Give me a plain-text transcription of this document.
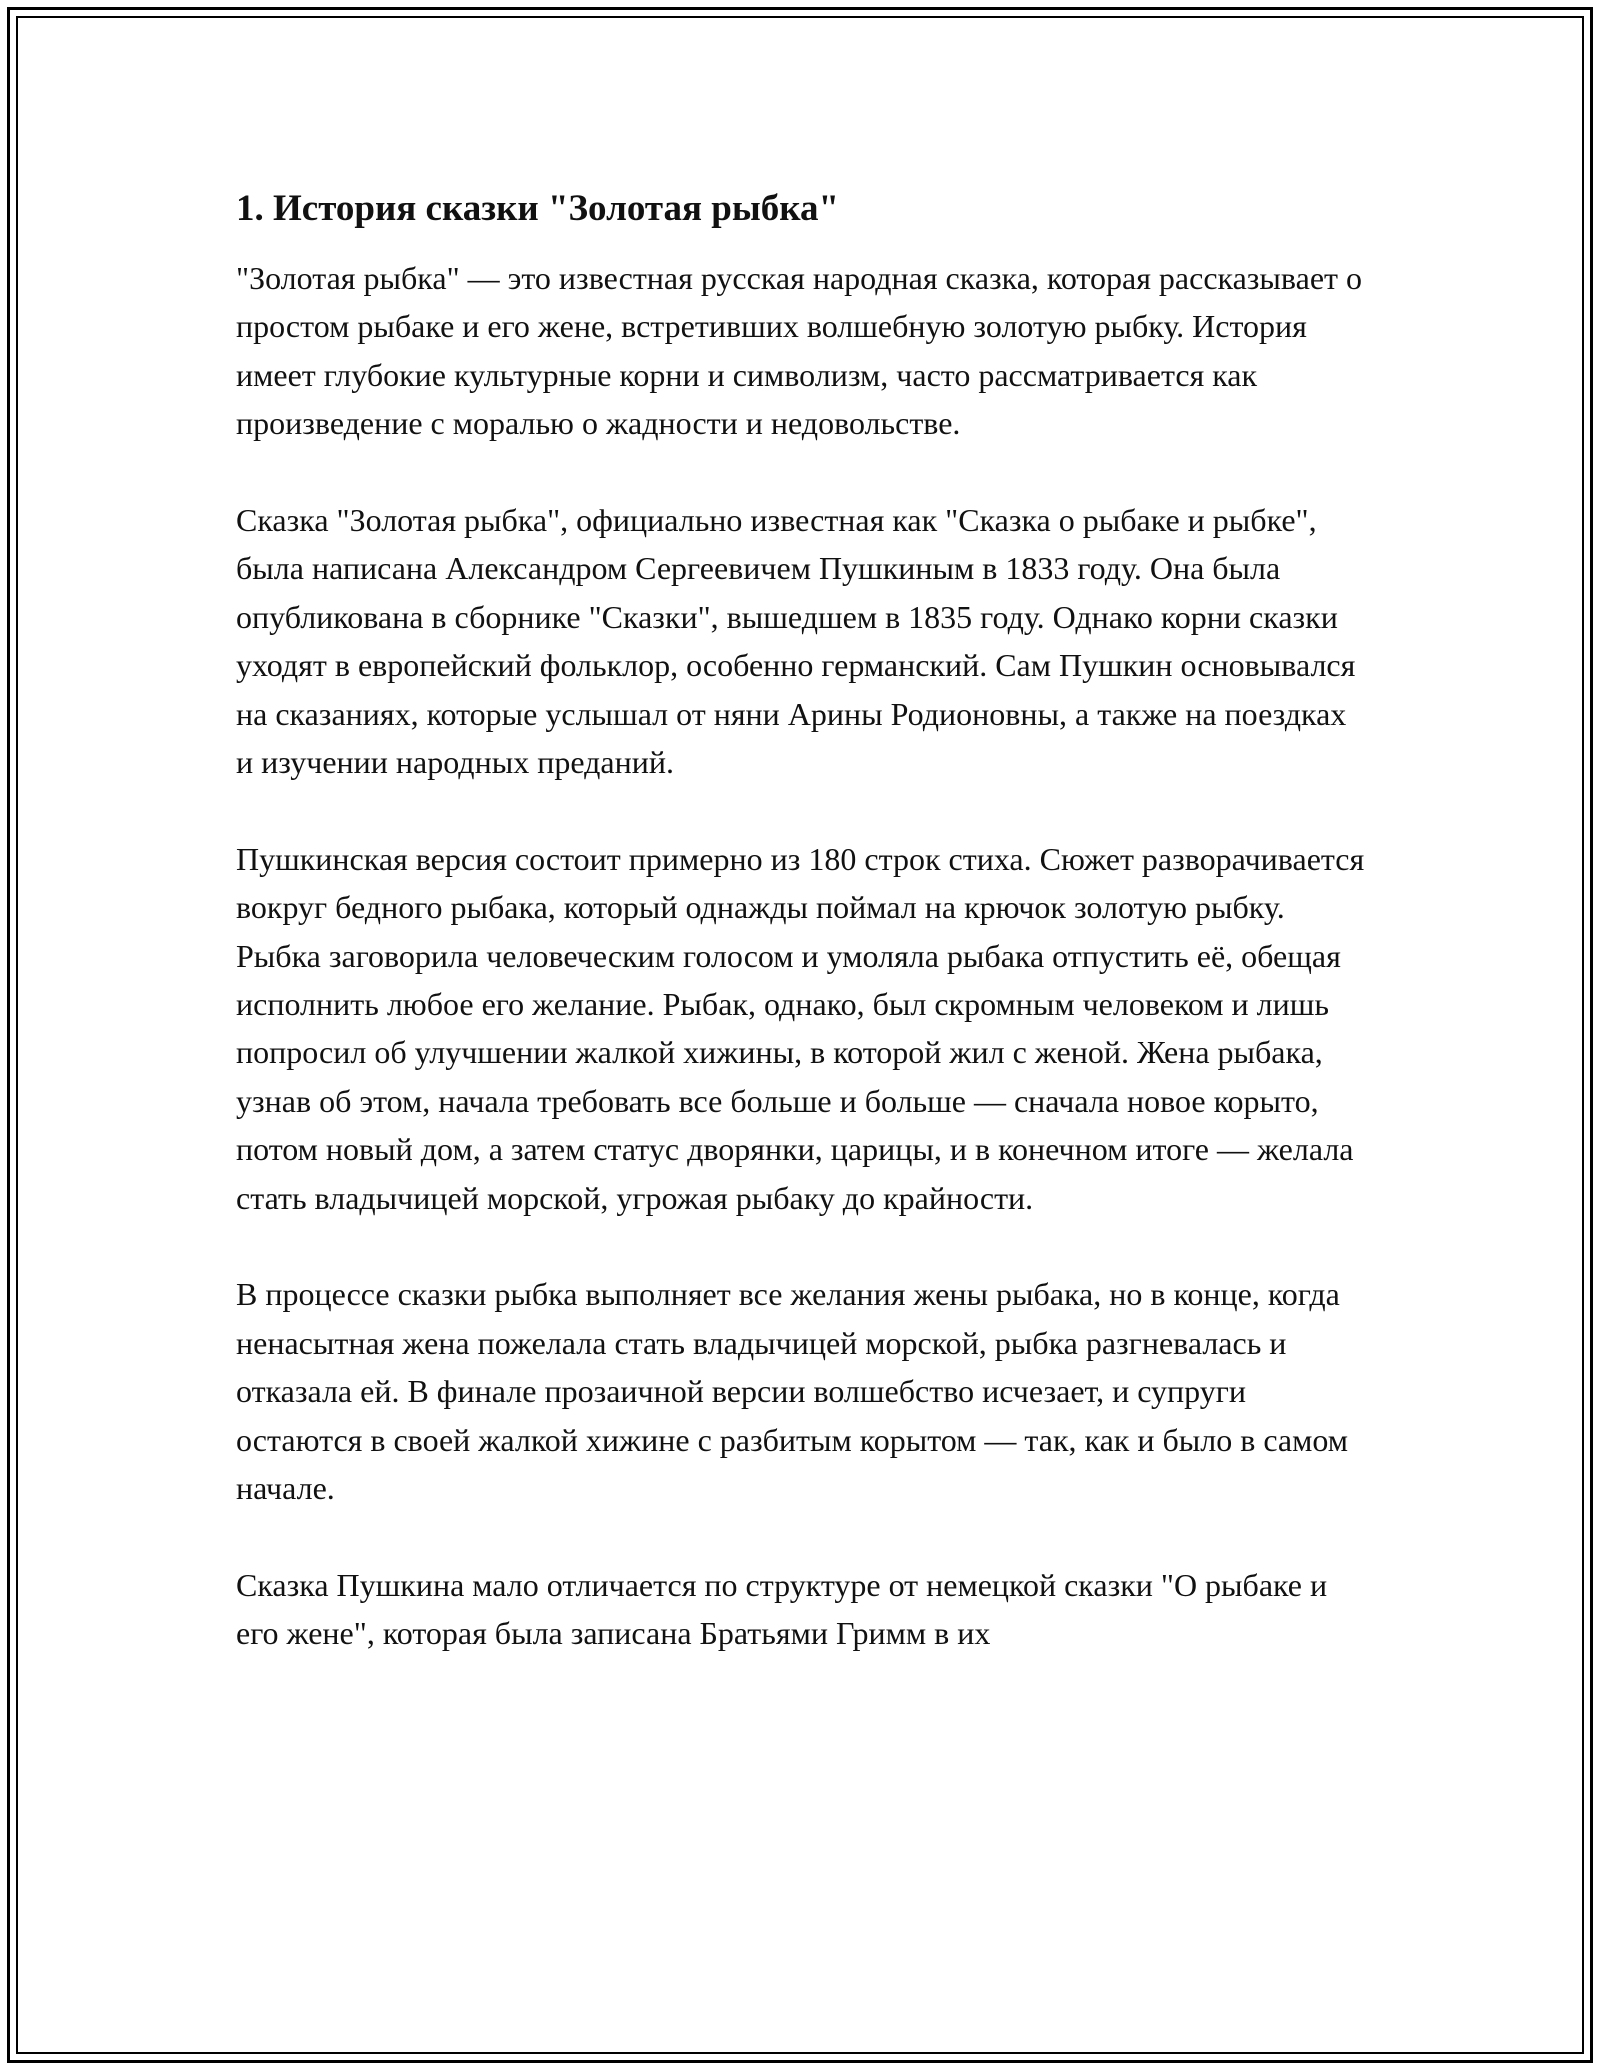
1. История сказки "Золотая рыбка"

"Золотая рыбка" — это известная русская народная сказка, которая рассказывает о простом рыбаке и его жене, встретивших волшебную золотую рыбку. История имеет глубокие культурные корни и символизм, часто рассматривается как произведение с моралью о жадности и недовольстве.

Сказка "Золотая рыбка", официально известная как "Сказка о рыбаке и рыбке", была написана Александром Сергеевичем Пушкиным в 1833 году. Она была опубликована в сборнике "Сказки", вышедшем в 1835 году. Однако корни сказки уходят в европейский фольклор, особенно германский. Сам Пушкин основывался на сказаниях, которые услышал от няни Арины Родионовны, а также на поездках и изучении народных преданий.

Пушкинская версия состоит примерно из 180 строк стиха. Сюжет разворачивается вокруг бедного рыбака, который однажды поймал на крючок золотую рыбку. Рыбка заговорила человеческим голосом и умоляла рыбака отпустить её, обещая исполнить любое его желание. Рыбак, однако, был скромным человеком и лишь попросил об улучшении жалкой хижины, в которой жил с женой. Жена рыбака, узнав об этом, начала требовать все больше и больше — сначала новое корыто, потом новый дом, а затем статус дворянки, царицы, и в конечном итоге — желала стать владычицей морской, угрожая рыбаку до крайности.

В процессе сказки рыбка выполняет все желания жены рыбака, но в конце, когда ненасытная жена пожелала стать владычицей морской, рыбка разгневалась и отказала ей. В финале прозаичной версии волшебство исчезает, и супруги остаются в своей жалкой хижине с разбитым корытом — так, как и было в самом начале.

Сказка Пушкина мало отличается по структуре от немецкой сказки "О рыбаке и его жене", которая была записана Братьями Гримм в их
